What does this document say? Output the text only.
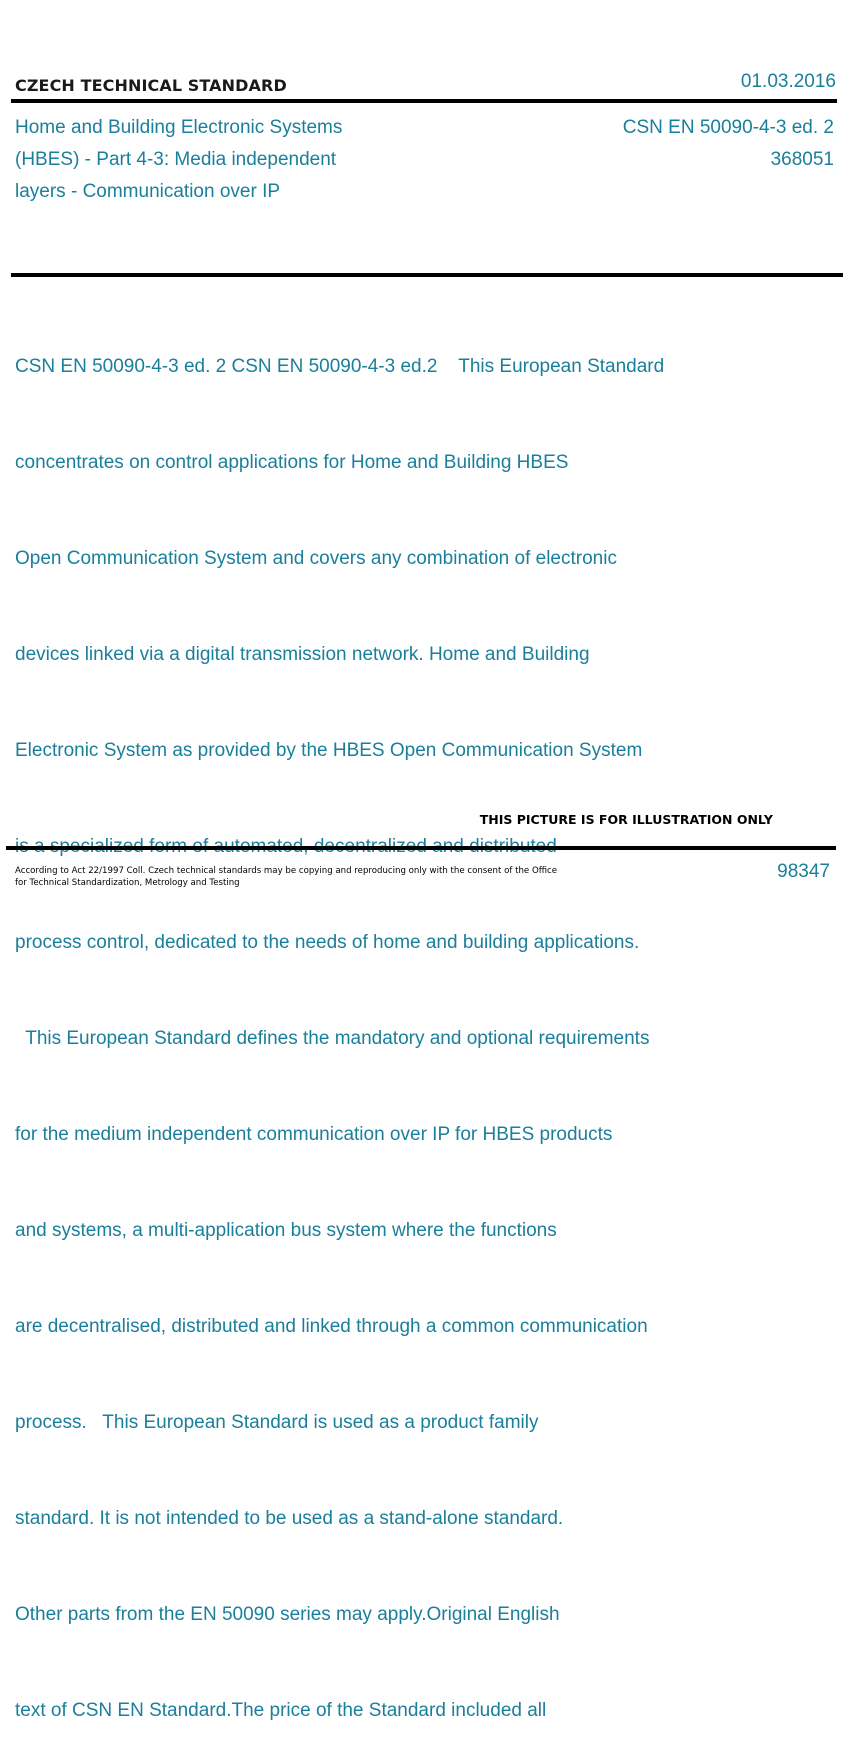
CZECH TECHNICAL STANDARD	01.03.2016
Home and Building Electronic Systems
(HBES) - Part 4-3: Media independent
layers - Communication over IP
CSN EN 50090-4-3 ed. 2
368051

CSN EN 50090-4-3 ed. 2 CSN EN 50090-4-3 ed.2    This European Standard

concentrates on control applications for Home and Building HBES

Open Communication System and covers any combination of electronic

devices linked via a digital transmission network. Home and Building

Electronic System as provided by the HBES Open Communication System

process control, dedicated to the needs of home and building applications.

This European Standard defines the mandatory and optional requirements

for the medium independent communication over IP for HBES products

and systems, a multi-application bus system where the functions

are decentralised, distributed and linked through a common communication

process.   This European Standard is used as a product family

standard. It is not intended to be used as a stand-alone standard.

Other parts from the EN 50090 series may apply.Original English

text of CSN EN Standard.The price of the Standard included all

THIS PICTURE IS FOR ILLUSTRATION ONLY
According to Act 22/1997 Coll. Czech technical standards may be copying and reproducing only with the consent of the Office
for Technical Standardization, Metrology and Testing
98347
